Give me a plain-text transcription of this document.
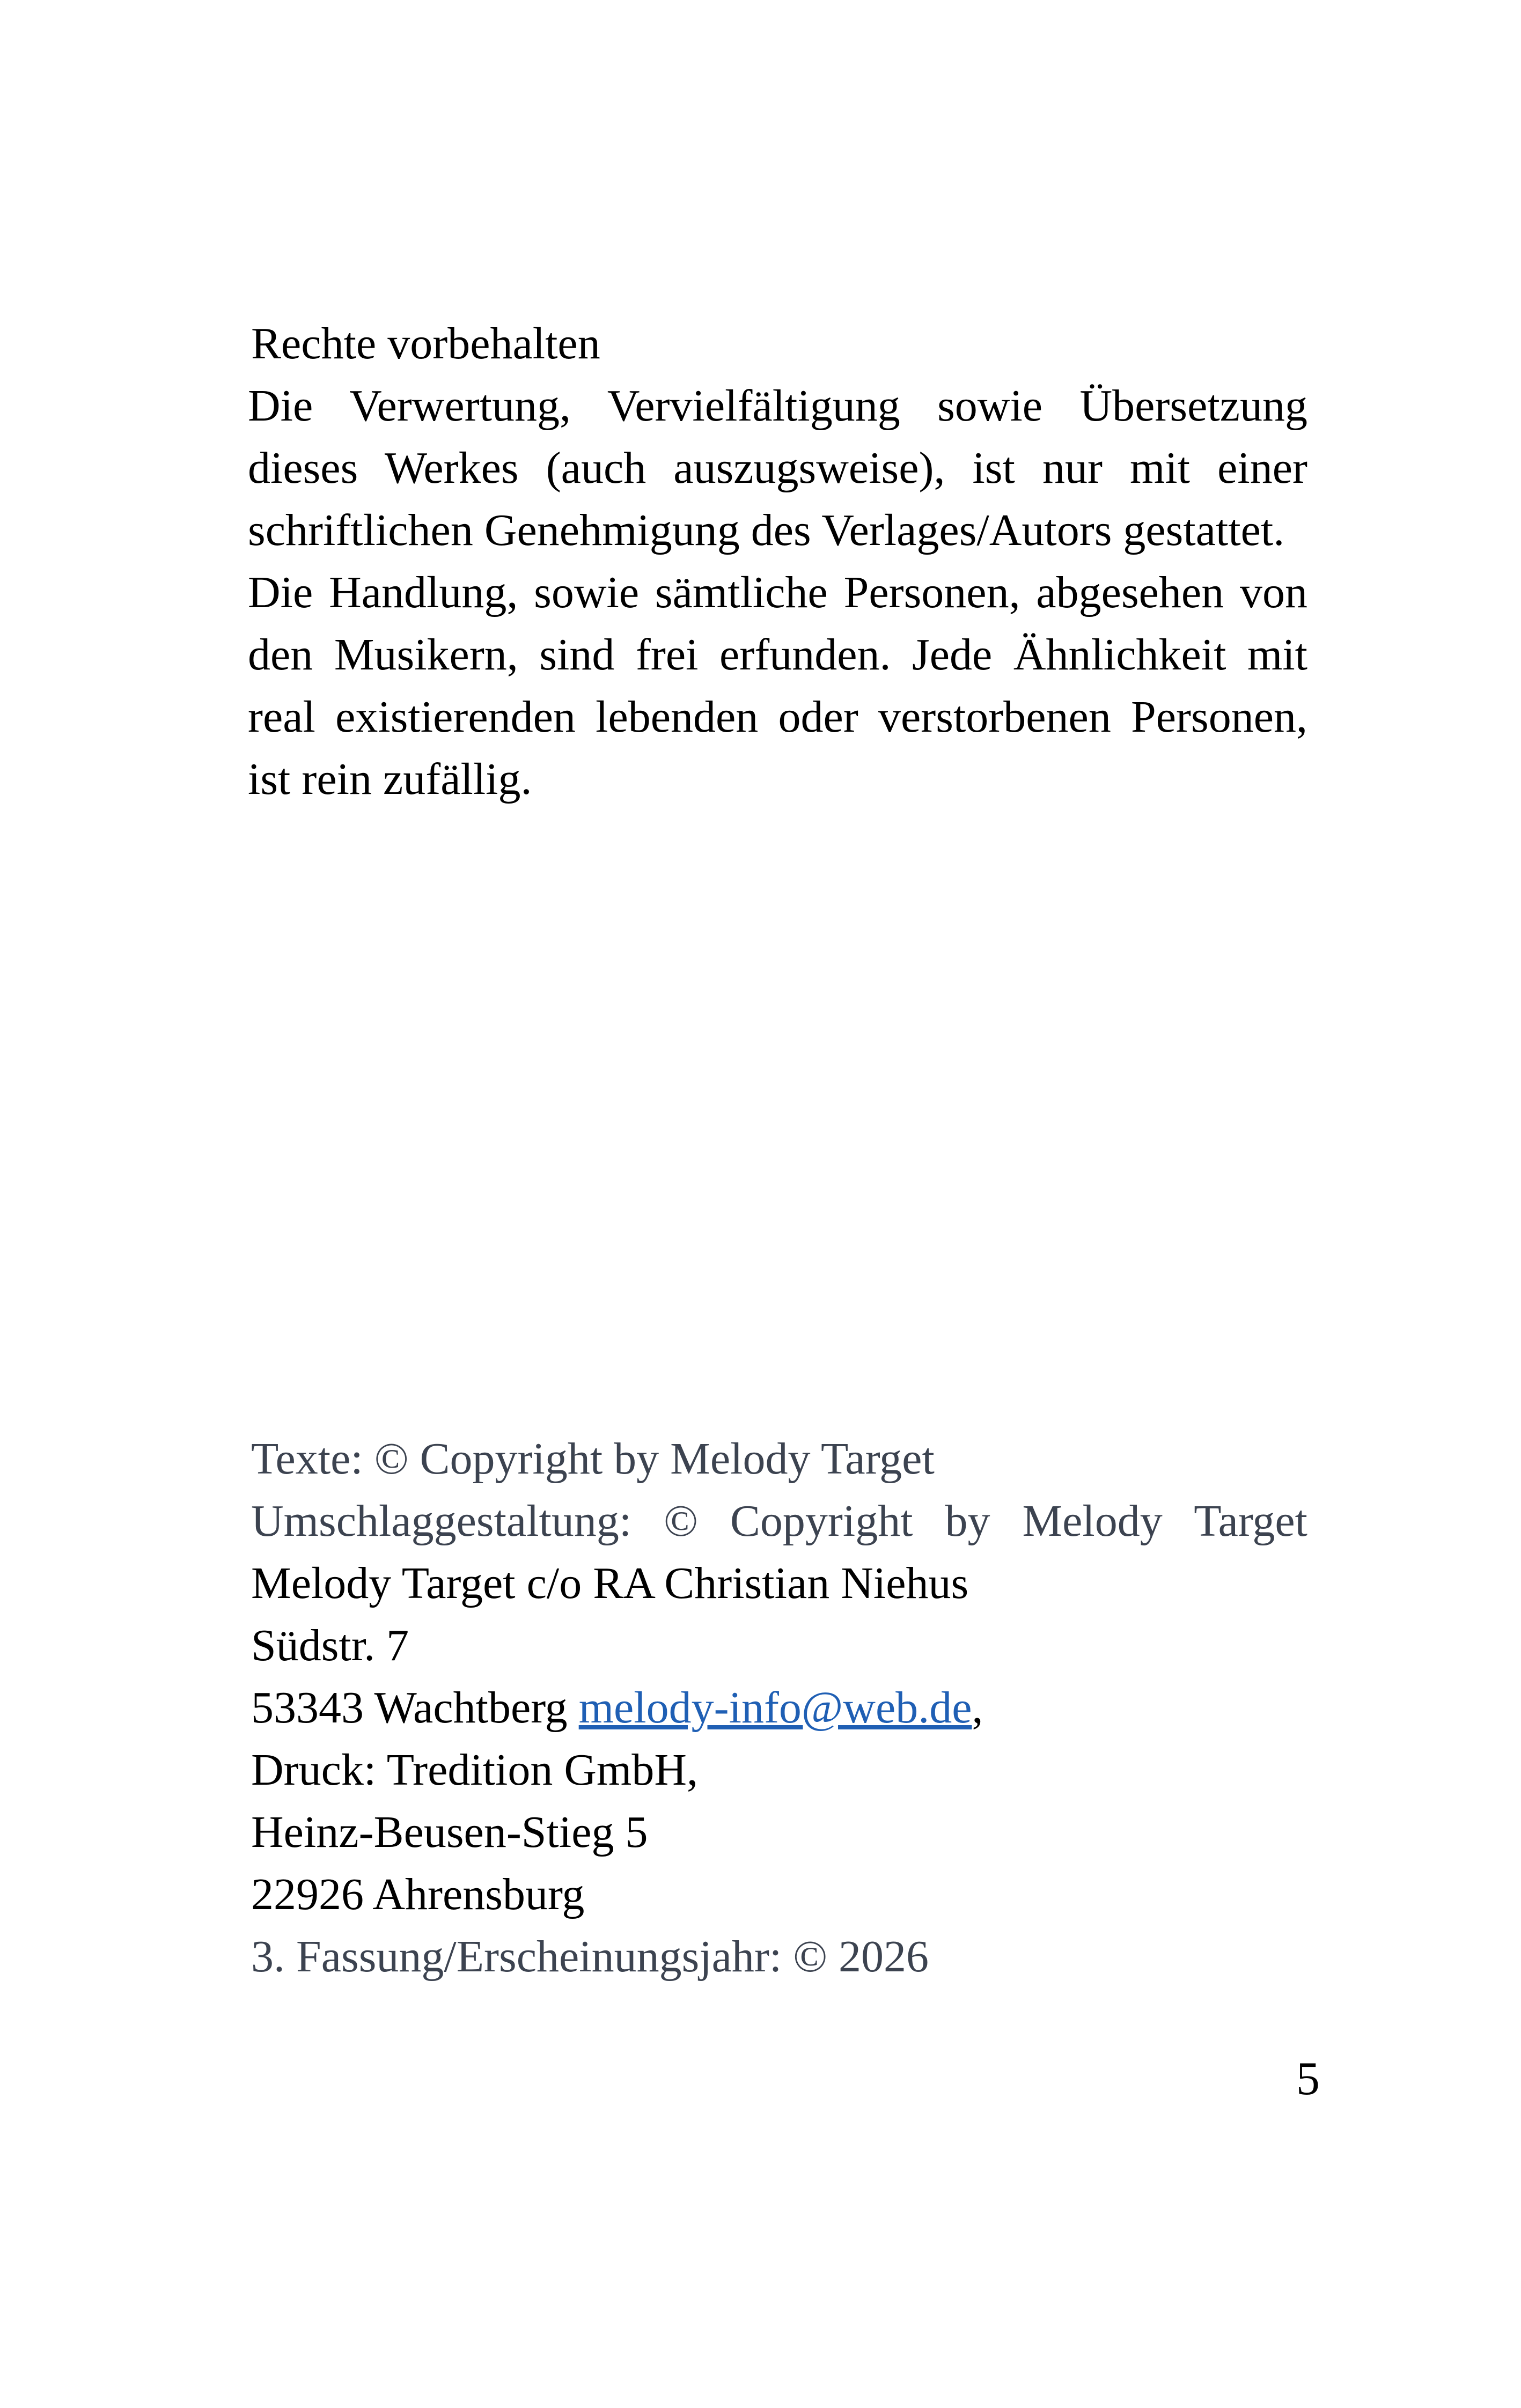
Rechte vorbehalten
Die Verwertung, Vervielfältigung sowie Übersetzung dieses Werkes (auch auszugsweise), ist nur mit einer schriftlichen Genehmigung des Verlages/Autors gestattet.
Die Handlung, sowie sämtliche Personen, abgesehen von den Musikern, sind frei erfunden. Jede Ähnlichkeit mit real existierenden lebenden oder verstorbenen Personen, ist rein zufällig.
Texte: © Copyright by Melody Target
Umschlaggestaltung: © Copyright by Melody Target
Melody Target c/o RA Christian Niehus
Südstr. 7
53343 Wachtberg melody-info@web.de,
Druck: Tredition GmbH,
Heinz-Beusen-Stieg 5
22926 Ahrensburg
3. Fassung/Erscheinungsjahr: © 2026
5
